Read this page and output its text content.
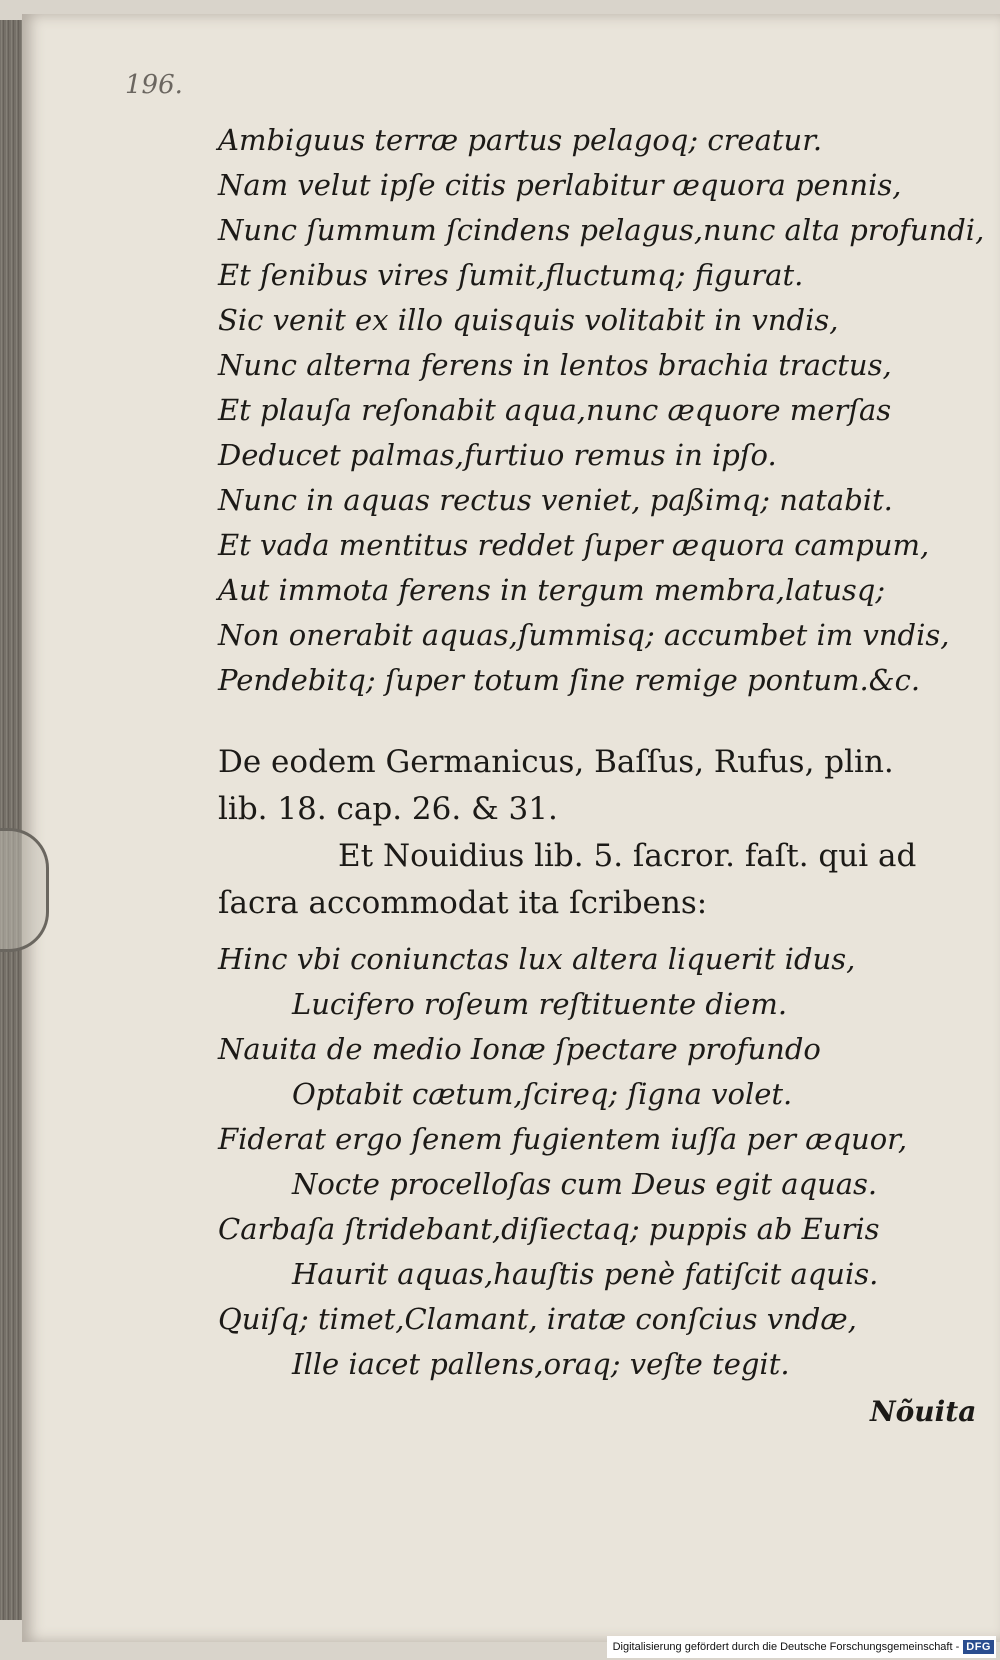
196.
Ambiguus terræ partus pelagoq; creatur.
Nam velut ipſe citis perlabitur æquora pennis,
Nunc ſummum ſcindens pelagus,nunc alta profundi,
Et ſenibus vires ſumit,fluctumq; figurat.
Sic venit ex illo quisquis volitabit in vndis,
Nunc alterna ferens in lentos brachia tractus,
Et plauſa reſonabit aqua,nunc æquore merſas
Deducet palmas,furtiuo remus in ipſo.
Nunc in aquas rectus veniet, paßimq; natabit.
Et vada mentitus reddet ſuper æquora campum,
Aut immota ferens in tergum membra,latusq;
Non onerabit aquas,ſummisq; accumbet im vndis,
Pendebitq; ſuper totum ſine remige pontum.&c.
De eodem Germanicus, Baſſus, Rufus, plin.
lib. 18. cap. 26. & 31.
Et Nouidius lib. 5. ſacror. faſt. qui ad
ſacra accommodat ita ſcribens:
Hinc vbi coniunctas lux altera liquerit idus,
Lucifero roſeum reſtituente diem.
Nauita de medio Ionæ ſpectare profundo
Optabit cætum,ſcireq; ſigna volet.
Fiderat ergo ſenem fugientem iuſſa per æquor,
Nocte procelloſas cum Deus egit aquas.
Carbaſa ſtridebant,diſiectaq; puppis ab Euris
Haurit aquas,hauſtis penè fatiſcit aquis.
Quiſq; timet,Clamant, iratæ conſcius vndæ,
Ille iacet pallens,oraq; veſte tegit.
Nõuita
Digitalisierung gefördert durch die Deutsche Forschungsgemeinschaft - DFG
